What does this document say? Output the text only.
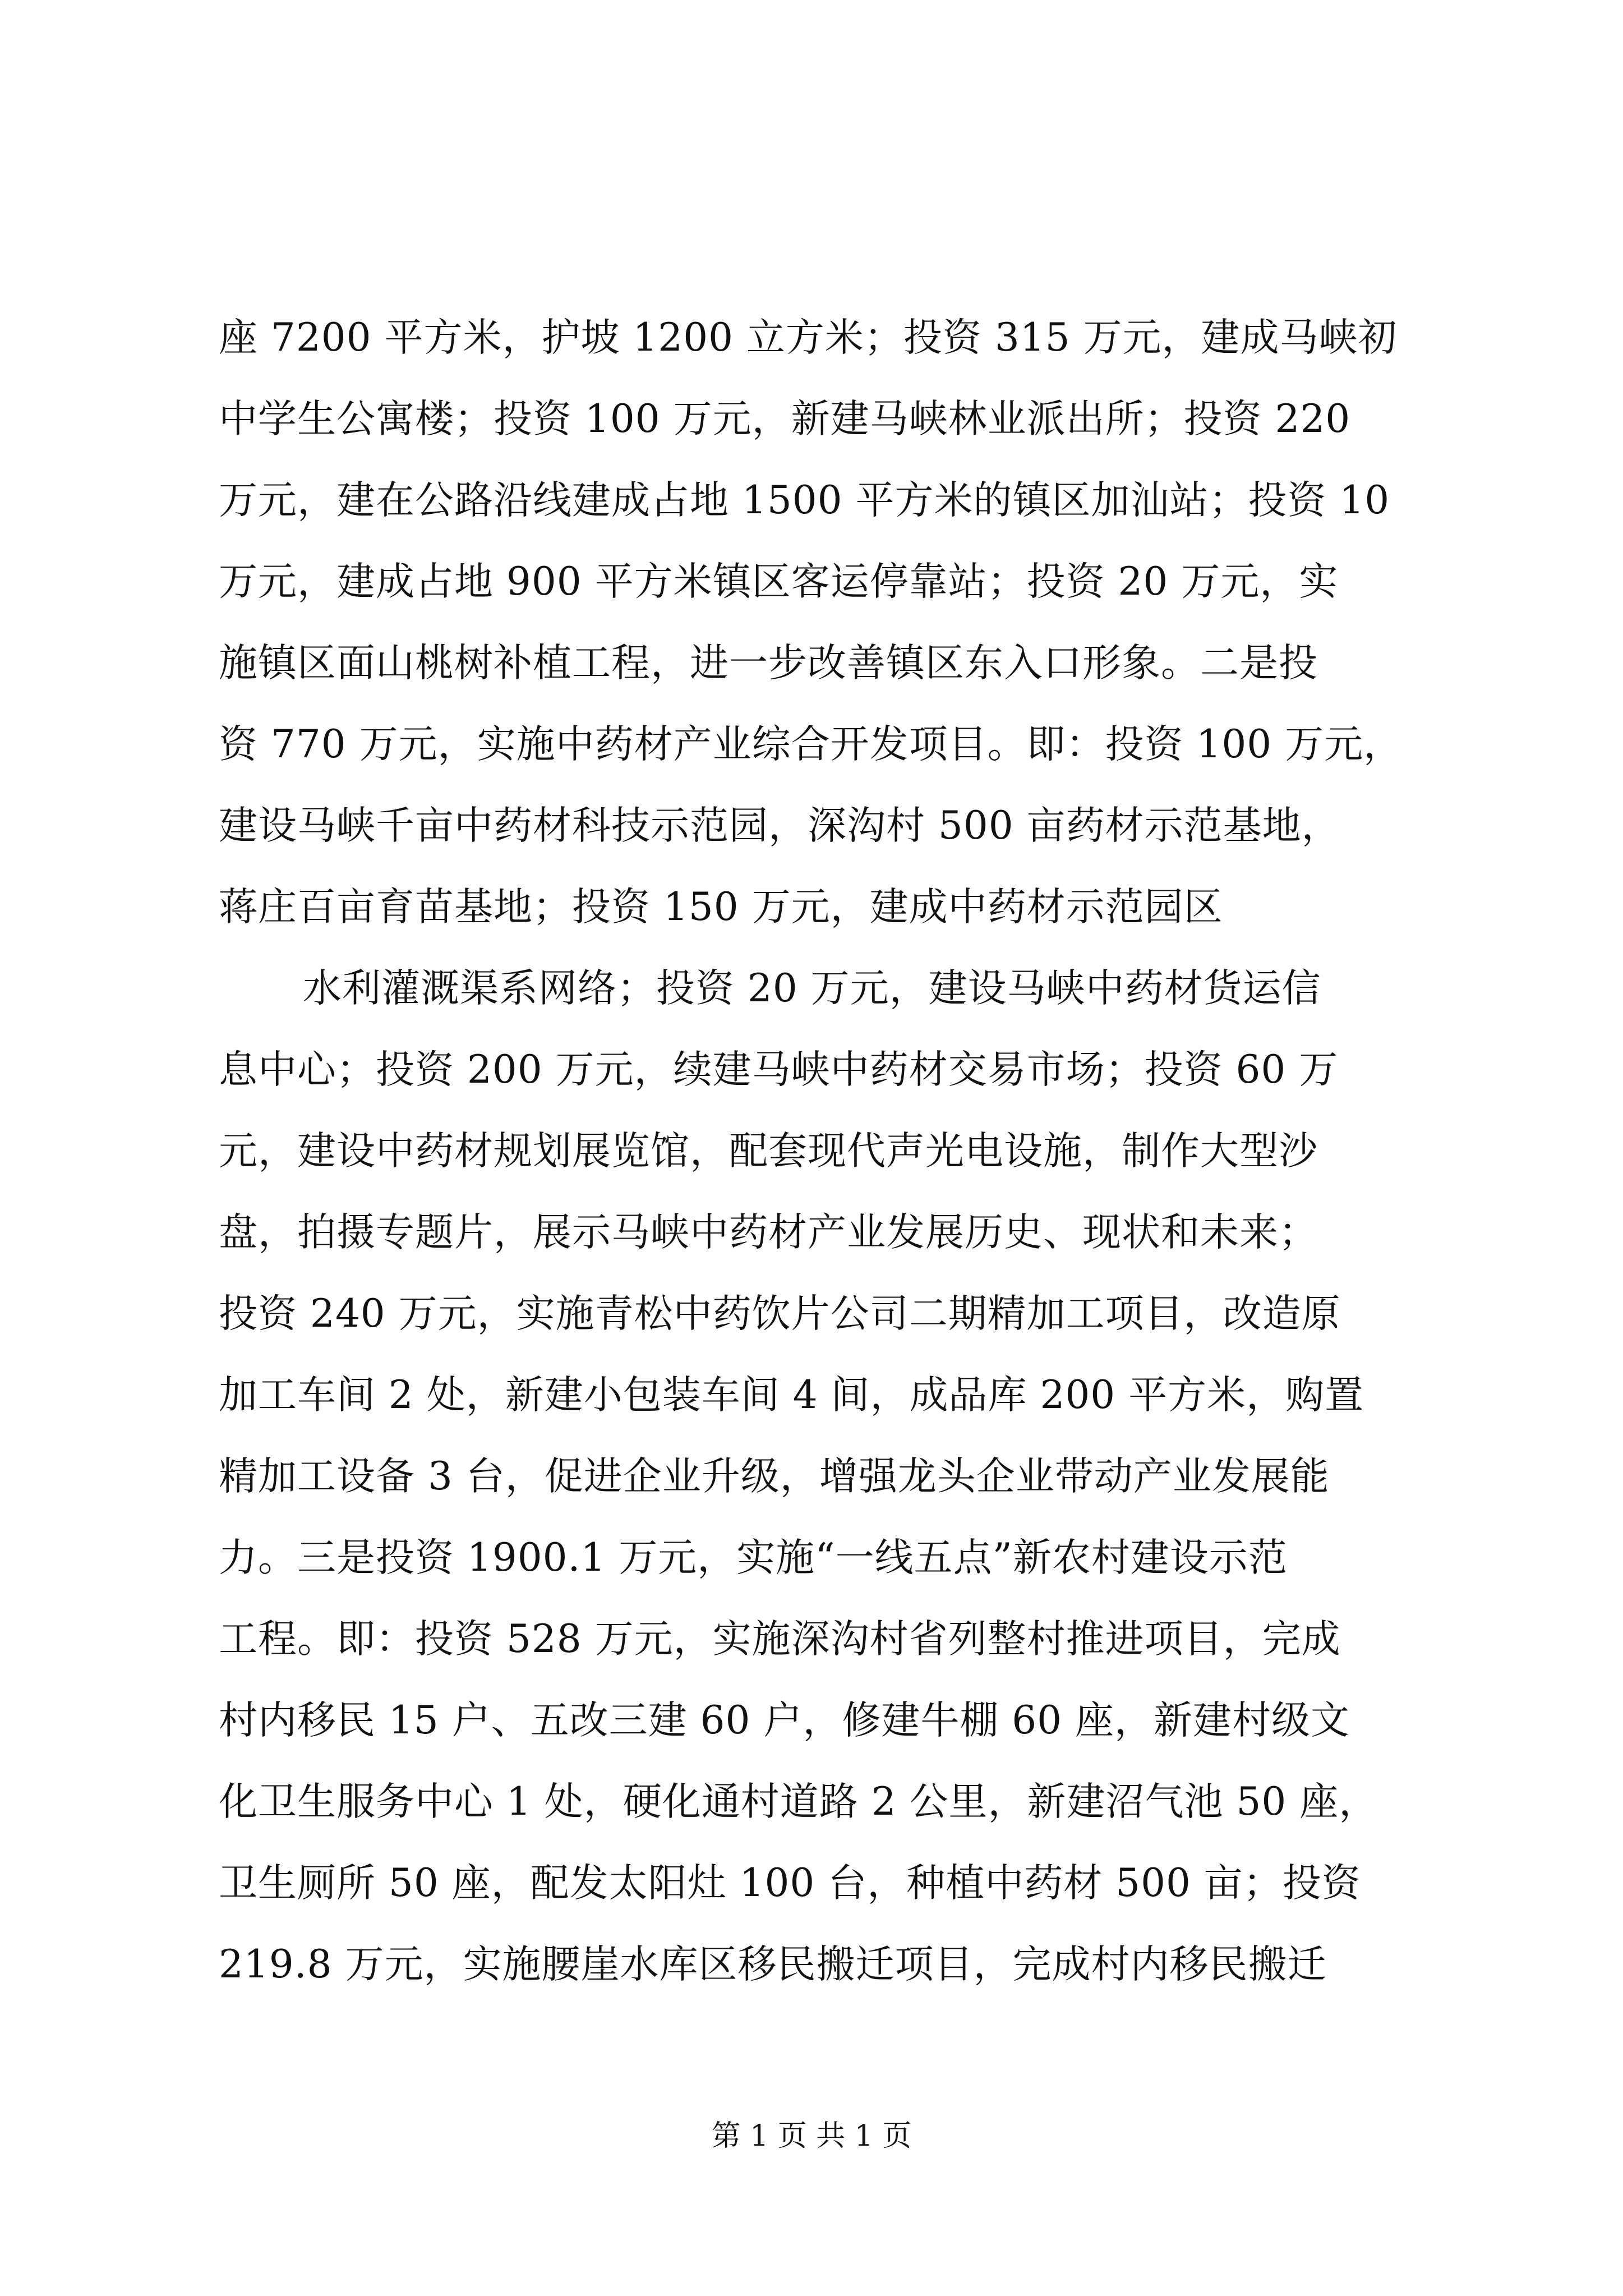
座 7200 平方米，护坡 1200 立方米；投资 315 万元，建成马峡初
中学生公寓楼；投资 100 万元，新建马峡林业派出所；投资 220
万元，建在公路沿线建成占地 1500 平方米的镇区加汕站；投资 10
万元，建成占地 900 平方米镇区客运停靠站；投资 20 万元，实
施镇区面山桃树补植工程，进一步改善镇区东入口形象。二是投
资 770 万元，实施中药材产业综合开发项目。即：投资 100 万元，
建设马峡千亩中药材科技示范园，深沟村 500 亩药材示范基地，
蒋庄百亩育苗基地；投资 150 万元，建成中药材示范园区
水利灌溉渠系网络；投资 20 万元，建设马峡中药材货运信
息中心；投资 200 万元，续建马峡中药材交易市场；投资 60 万
元，建设中药材规划展览馆，配套现代声光电设施，制作大型沙
盘，拍摄专题片，展示马峡中药材产业发展历史、现状和未来；
投资 240 万元，实施青松中药饮片公司二期精加工项目，改造原
加工车间 2 处，新建小包装车间 4 间，成品库 200 平方米，购置
精加工设备 3 台，促进企业升级，增强龙头企业带动产业发展能
力。三是投资 1900.1 万元，实施“一线五点”新农村建设示范
工程。即：投资 528 万元，实施深沟村省列整村推进项目，完成
村内移民 15 户、五改三建 60 户，修建牛棚 60 座，新建村级文
化卫生服务中心 1 处，硬化通村道路 2 公里，新建沼气池 50 座，
卫生厕所 50 座，配发太阳灶 100 台，种植中药材 500 亩；投资
219.8 万元，实施腰崖水库区移民搬迁项目，完成村内移民搬迁
第 1 页 共 1 页
